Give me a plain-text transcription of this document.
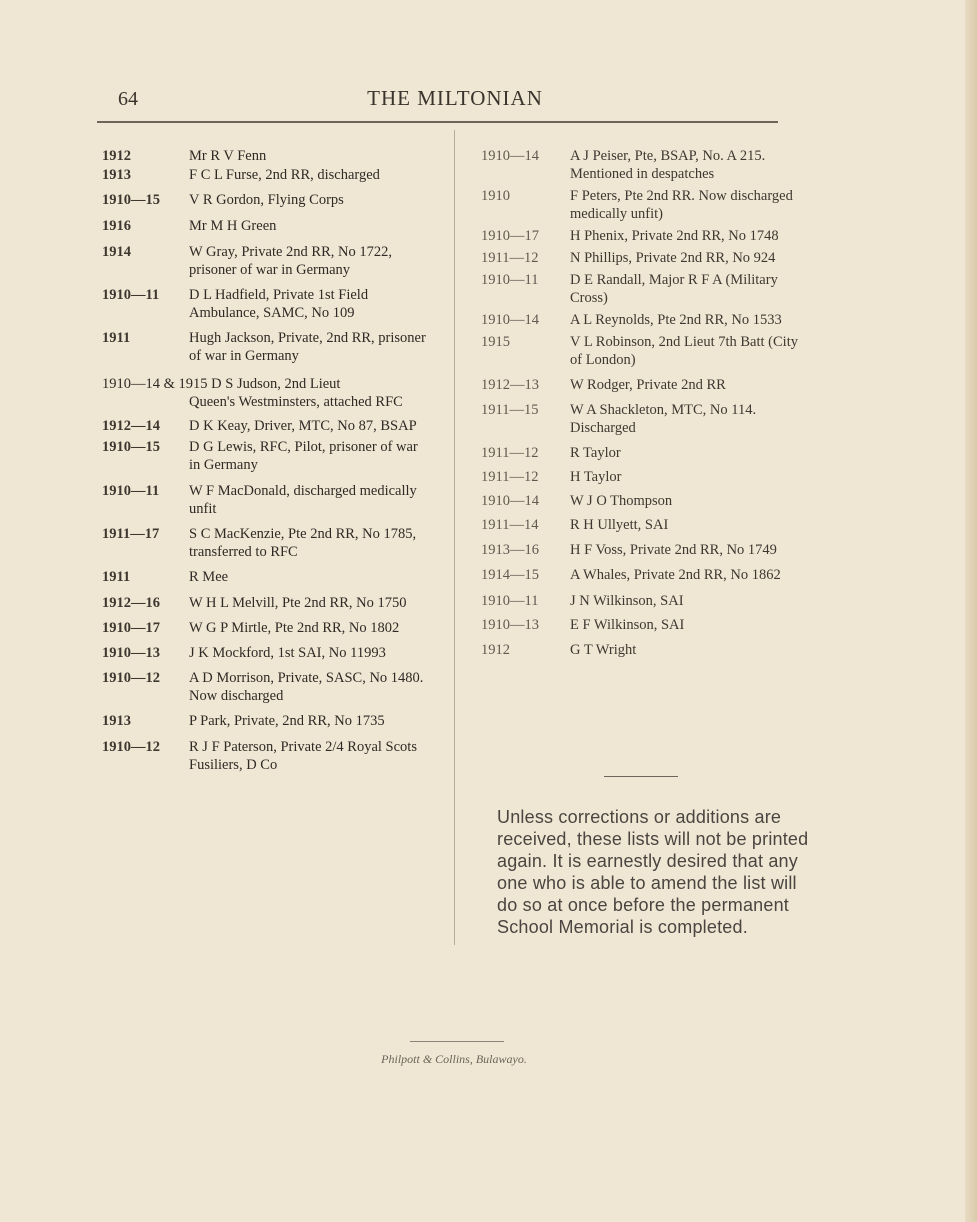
64	THE MILTONIAN
1912	Mr R V Fenn
1913	F C L Furse, 2nd RR, discharged
1910—15	V R Gordon, Flying Corps
1916	Mr M H Green
1914	W Gray, Private 2nd RR, No 1722, prisoner of war in Germany
1910—11	D L Hadfield, Private 1st Field Ambulance, SAMC, No 109
1911	Hugh Jackson, Private, 2nd RR, prisoner of war in Germany
1910—14 & 1915 D S Judson, 2nd Lieut
Queen's Westminsters, attached RFC
1912—14	D K Keay, Driver, MTC, No 87, BSAP
1910—15	D G Lewis, RFC, Pilot, prisoner of war in Germany
1910—11	W F MacDonald, discharged medically unfit
1911—17	S C MacKenzie, Pte 2nd RR, No 1785, transferred to RFC
1911	R Mee
1912—16	W H L Melvill, Pte 2nd RR, No 1750
1910—17	W G P Mirtle, Pte 2nd RR, No 1802
1910—13	J K Mockford, 1st SAI, No 11993
1910—12	A D Morrison, Private, SASC, No 1480. Now discharged
1913	P Park, Private, 2nd RR, No 1735
1910—12	R J F Paterson, Private 2/4 Royal Scots Fusiliers, D Co
1910—14	A J Peiser, Pte, BSAP, No. A 215. Mentioned in despatches
1910	F Peters, Pte 2nd RR. Now discharged medically unfit)
1910—17	H Phenix, Private 2nd RR, No 1748
1911—12	N Phillips, Private 2nd RR, No 924
1910—11	D E Randall, Major R F A (Military Cross)
1910—14	A L Reynolds, Pte 2nd RR, No 1533
1915	V L Robinson, 2nd Lieut 7th Batt (City of London)
1912—13	W Rodger, Private 2nd RR
1911—15	W A Shackleton, MTC, No 114. Discharged
1911—12	R Taylor
1911—12	H Taylor
1910—14	W J O Thompson
1911—14	R H Ullyett, SAI
1913—16	H F Voss, Private 2nd RR, No 1749
1914—15	A Whales, Private 2nd RR, No 1862
1910—11	J N Wilkinson, SAI
1910—13	E F Wilkinson, SAI
1912	G T Wright
Unless corrections or additions are received, these lists will not be printed again. It is earnestly desired that any one who is able to amend the list will do so at once before the permanent School Memorial is completed.
Philpott & Collins, Bulawayo.
